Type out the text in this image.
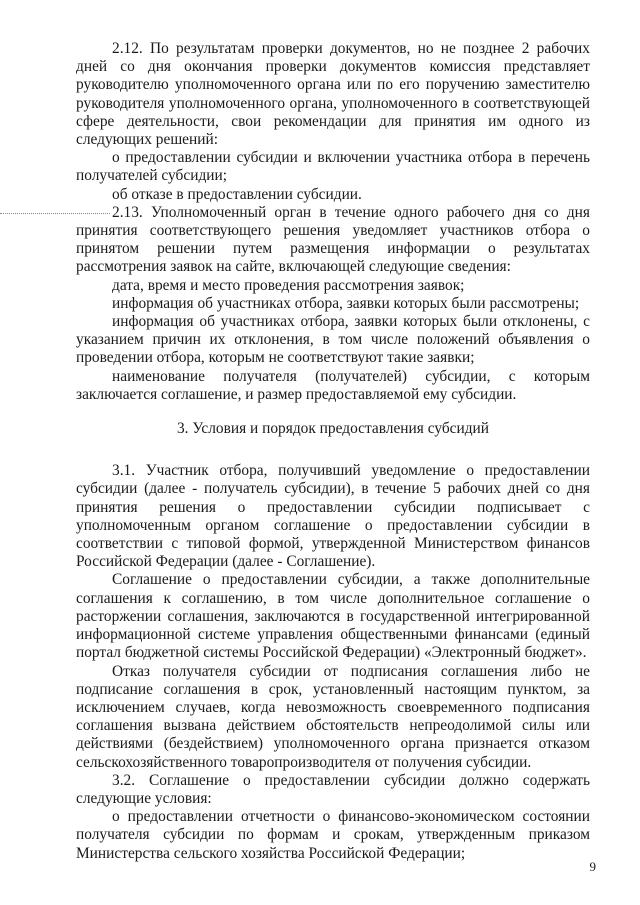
2.12. По результатам проверки документов, но не позднее 2 рабочих дней со дня окончания проверки документов комиссия представляет руководителю уполномоченного органа или по его поручению заместителю руководителя уполномоченного органа, уполномоченного в соответствующей сфере деятельности, свои рекомендации для принятия им одного из следующих решений:

о предоставлении субсидии и включении участника отбора в перечень получателей субсидии;

об отказе в предоставлении субсидии.

2.13. Уполномоченный орган в течение одного рабочего дня со дня принятия соответствующего решения уведомляет участников отбора о принятом решении путем размещения информации о результатах рассмотрения заявок на сайте, включающей следующие сведения:

дата, время и место проведения рассмотрения заявок;

информация об участниках отбора, заявки которых были рассмотрены;

информация об участниках отбора, заявки которых были отклонены, с указанием причин их отклонения, в том числе положений объявления о проведении отбора, которым не соответствуют такие заявки;

наименование получателя (получателей) субсидии, с которым заключается соглашение, и размер предоставляемой ему субсидии.

3. Условия и порядок предоставления субсидий

3.1. Участник отбора, получивший уведомление о предоставлении субсидии (далее - получатель субсидии), в течение 5 рабочих дней со дня принятия решения о предоставлении субсидии подписывает с уполномоченным органом соглашение о предоставлении субсидии в соответствии с типовой формой, утвержденной Министерством финансов Российской Федерации (далее - Соглашение).

Соглашение о предоставлении субсидии, а также дополнительные соглашения к соглашению, в том числе дополнительное соглашение о расторжении соглашения, заключаются в государственной интегрированной информационной системе управления общественными финансами (единый портал бюджетной системы Российской Федерации) «Электронный бюджет».

Отказ получателя субсидии от подписания соглашения либо не подписание соглашения в срок, установленный настоящим пунктом, за исключением случаев, когда невозможность своевременного подписания соглашения вызвана действием обстоятельств непреодолимой силы или действиями (бездействием) уполномоченного органа признается отказом сельскохозяйственного товаропроизводителя от получения субсидии.

3.2. Соглашение о предоставлении субсидии должно содержать следующие условия:

о предоставлении отчетности о финансово-экономическом состоянии получателя субсидии по формам и срокам, утвержденным приказом Министерства сельского хозяйства Российской Федерации;

9
